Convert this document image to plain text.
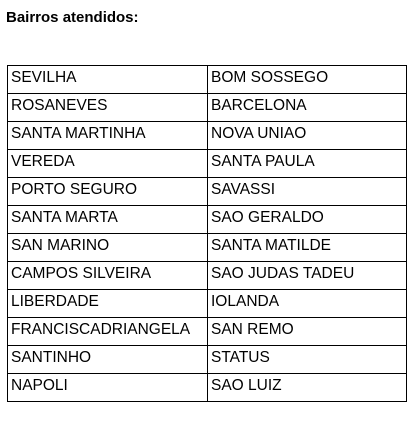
Bairros atendidos:
SEVILHA	BOM SOSSEGO
ROSANEVES	BARCELONA
SANTA MARTINHA	NOVA UNIAO
VEREDA	SANTA PAULA
PORTO SEGURO	SAVASSI
SANTA MARTA	SAO GERALDO
SAN MARINO	SANTA MATILDE
CAMPOS SILVEIRA	SAO JUDAS TADEU
LIBERDADE	IOLANDA
FRANCISCADRIANGELA	SAN REMO
SANTINHO	STATUS
NAPOLI	SAO LUIZ
